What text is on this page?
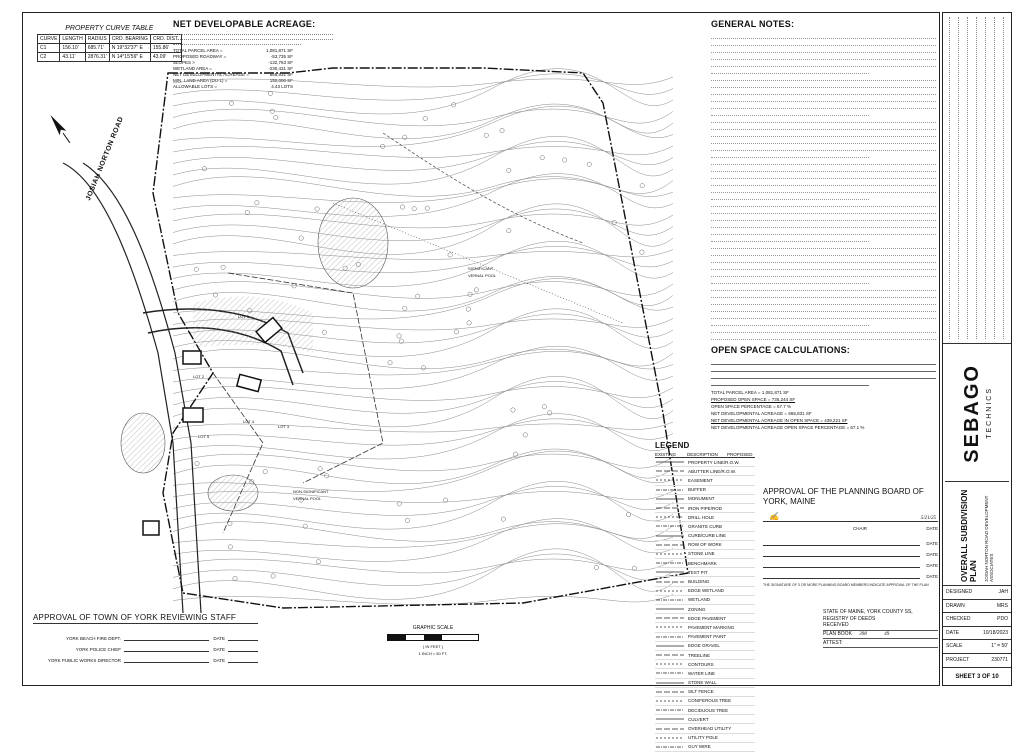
PROPERTY CURVE TABLE
CURVE	LENGTH	RADIUS	CRD. BEARING	CRD. DIST.
C1	156.10'	685.71'	N 19°32'37" E	155.86'
C2	43.11'	2876.31'	N 14°15'59" E	43.09'
NET DEVELOPABLE ACREAGE:
TOTAL PARCEL AREA =	1,081,871 SF
PROPOSED ROADWAY =	-53,735 SF
SLOPES >	-132,763 SF
WETLAND AREA =	-230,431 SF
NET DEVELOPMENTAL ACREAGE =	665,831 SF
MIN. LAND AREA (DU-1) =	150,000 SF
ALLOWABLE LOTS =	4.43 LOTS
JOSIAH NORTON ROAD
LOT 1
LOT 2
LOT 3
LOT 4
LOT 5
SIGNIFICANT VERNAL POOL
NON-SIGNIFICANT VERNAL POOL
GRAPHIC SCALE
( IN FEET )
1 INCH = 50 FT.
APPROVAL OF TOWN OF YORK REVIEWING STAFF
YORK BEACH FIRE DEPT.	DATE
YORK POLICE CHIEF	DATE
YORK PUBLIC WORKS DIRECTOR	DATE
GENERAL NOTES:
OPEN SPACE CALCULATIONS:
TOTAL PARCEL AREA = 1,081,871 SF
PROPOSED OPEN SPACE = 735,244 SF
OPEN SPACE PERCENTAGE = 67.7 %
NET DEVELOPMENTAL ACREAGE = 665,831 SF
NET DEVELOPMENTAL ACREAGE IN OPEN SPACE = 439,221 SF
NET DEVELOPMENTAL ACREAGE OPEN SPACE PERCENTAGE = 67.1 %
LEGEND
EXISTING	DESCRIPTION	PROPOSED
PROPERTY LINE/R.O.W.
ABUTTER LINE/R.O.W.
EASEMENT
BUFFER
MONUMENT
IRON PIPE/ROD
DRILL HOLE
GRANITE CURB
CURB/CURB LINE
ROW OF WORK
STONE LINE
BENCHMARK
TEST PIT
BUILDING
EDGE WETLAND
WETLAND
ZONING
EDGE PAVEMENT
PAVEMENT MARKING
PAVEMENT PAINT
EDGE GRAVEL
TREELINE
CONTOURS
WATER LINE
STONE WALL
SILT FENCE
CONIFEROUS TREE
DECIDUOUS TREE
CULVERT
OVERHEAD UTILITY
UTILITY POLE
GUY WIRE
APPROVAL OF THE PLANNING BOARD OF YORK, MAINE
✍	5/21/25
CHAIR	DATE
DATE
DATE
DATE
DATE
THE SIGNATURE OF 3 OR MORE PLANNING BOARD MEMBERS INDICATE APPROVAL OF THE PLAN
STATE OF MAINE, YORK COUNTY SS,
REGISTRY OF DEEDS
RECEIVED
PLAN BOOK 398	49
ATTEST:
SEBAGO TECHNICS
OVERALL SUBDIVISION PLAN JOSIAH NORTON ROAD DEVELOPMENT ASSOCIATES
DESIGNED	JAH
DRAWN	MRS
CHECKED	PDO
DATE	10/18/2023
SCALE	1" = 50'
PROJECT	230771
SHEET 3 OF 10
